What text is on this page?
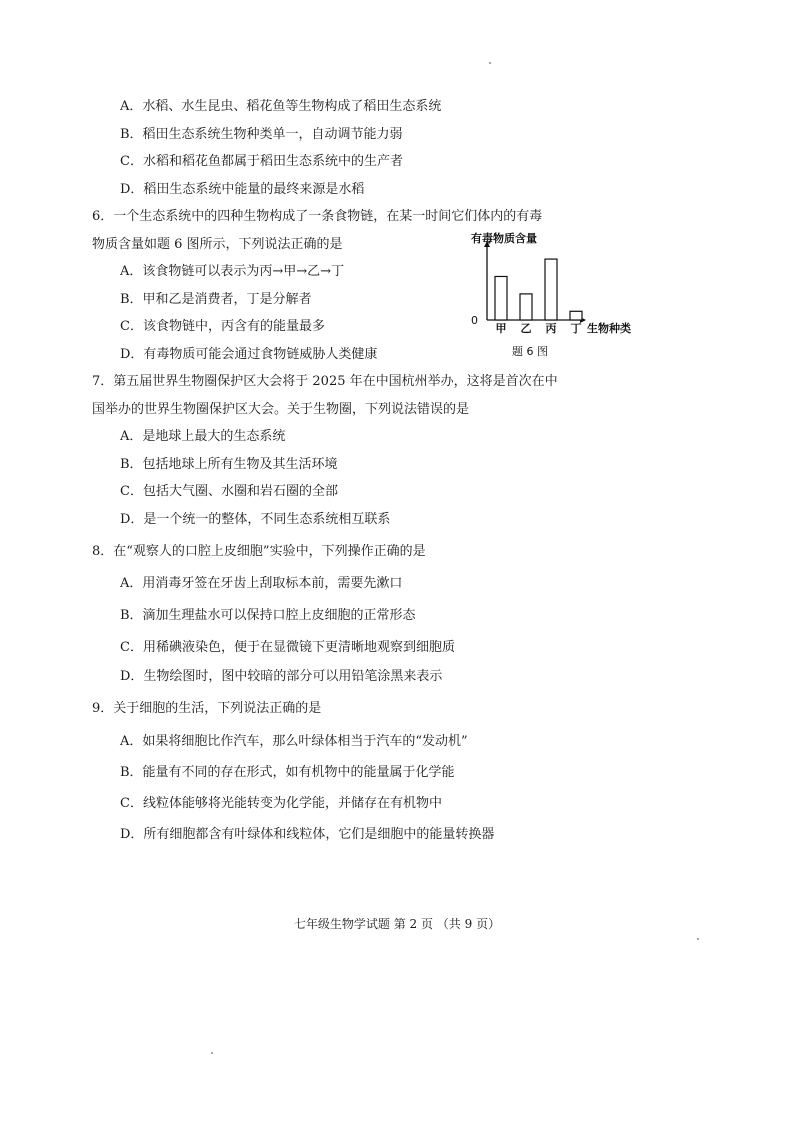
A．水稻、水生昆虫、稻花鱼等生物构成了稻田生态系统
B．稻田生态系统生物种类单一，自动调节能力弱
C．水稻和稻花鱼都属于稻田生态系统中的生产者
D．稻田生态系统中能量的最终来源是水稻
6．一个生态系统中的四种生物构成了一条食物链，在某一时间它们体内的有毒
物质含量如题 6 图所示，下列说法正确的是
A．该食物链可以表示为丙→甲→乙→丁
B．甲和乙是消费者，丁是分解者
C．该食物链中，丙含有的能量最多
D．有毒物质可能会通过食物链威胁人类健康
有毒物质含量
生物种类
0
题 6 图
甲 乙 丙 丁
7．第五届世界生物圈保护区大会将于 2025 年在中国杭州举办，这将是首次在中
国举办的世界生物圈保护区大会。关于生物圈，下列说法错误的是
A．是地球上最大的生态系统
B．包括地球上所有生物及其生活环境
C．包括大气圈、水圈和岩石圈的全部
D．是一个统一的整体，不同生态系统相互联系
8．在“观察人的口腔上皮细胞”实验中，下列操作正确的是
A．用消毒牙签在牙齿上刮取标本前，需要先漱口
B．滴加生理盐水可以保持口腔上皮细胞的正常形态
C．用稀碘液染色，便于在显微镜下更清晰地观察到细胞质
D．生物绘图时，图中较暗的部分可以用铅笔涂黑来表示
9．关于细胞的生活，下列说法正确的是
A．如果将细胞比作汽车，那么叶绿体相当于汽车的“发动机”
B．能量有不同的存在形式，如有机物中的能量属于化学能
C．线粒体能够将光能转变为化学能，并储存在有机物中
D．所有细胞都含有叶绿体和线粒体，它们是细胞中的能量转换器
七年级生物学试题 第 2 页 （共 9 页）
